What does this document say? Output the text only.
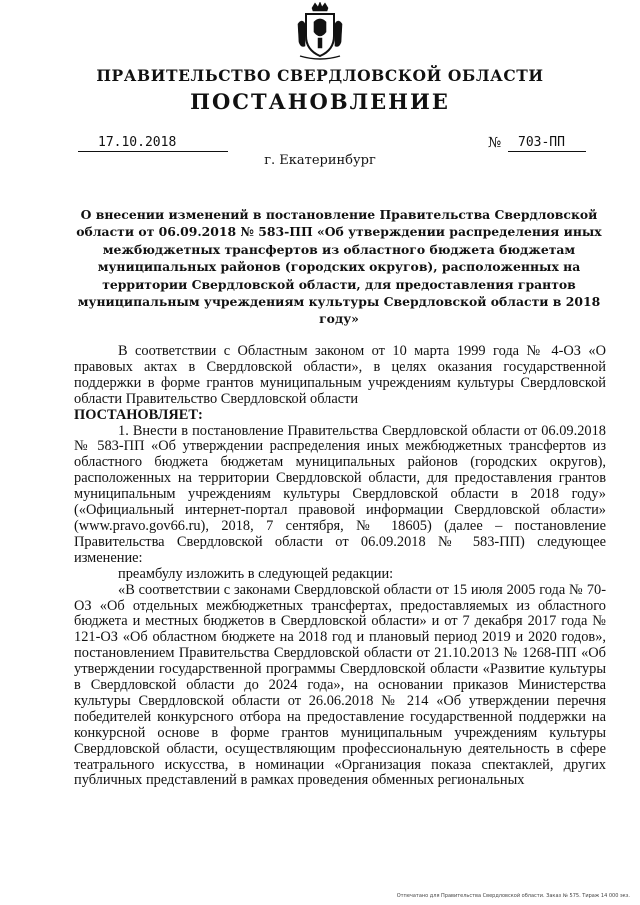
ПРАВИТЕЛЬСТВО СВЕРДЛОВСКОЙ ОБЛАСТИ
ПОСТАНОВЛЕНИЕ
17.10.2018	№ 703-ПП
г. Екатеринбург
О внесении изменений в постановление Правительства Свердловской области от 06.09.2018 № 583-ПП «Об утверждении распределения иных межбюджетных трансфертов из областного бюджета бюджетам муниципальных районов (городских округов), расположенных на территории Свердловской области, для предоставления грантов муниципальным учреждениям культуры Свердловской области в 2018 году»

В соответствии с Областным законом от 10 марта 1999 года № 4-ОЗ «О правовых актах в Свердловской области», в целях оказания государственной поддержки в форме грантов муниципальным учреждениям культуры Свердловской области Правительство Свердловской области

ПОСТАНОВЛЯЕТ:

1. Внести в постановление Правительства Свердловской области от 06.09.2018 № 583-ПП «Об утверждении распределения иных межбюджетных трансфертов из областного бюджета бюджетам муниципальных районов (городских округов), расположенных на территории Свердловской области, для предоставления грантов муниципальным учреждениям культуры Свердловской области в 2018 году» («Официальный интернет-портал правовой информации Свердловской области» (www.pravo.gov66.ru), 2018, 7 сентября, № 18605) (далее – постановление Правительства Свердловской области от 06.09.2018 № 583-ПП) следующее изменение:

преамбулу изложить в следующей редакции:

«В соответствии с законами Свердловской области от 15 июля 2005 года № 70-ОЗ «Об отдельных межбюджетных трансфертах, предоставляемых из областного бюджета и местных бюджетов в Свердловской области» и от 7 декабря 2017 года № 121-ОЗ «Об областном бюджете на 2018 год и плановый период 2019 и 2020 годов», постановлением Правительства Свердловской области от 21.10.2013 № 1268-ПП «Об утверждении государственной программы Свердловской области «Развитие культуры в Свердловской области до 2024 года», на основании приказов Министерства культуры Свердловской области от 26.06.2018 № 214 «Об утверждении перечня победителей конкурсного отбора на предоставление государственной поддержки на конкурсной основе в форме грантов муниципальным учреждениям культуры Свердловской области, осуществляющим профессиональную деятельность в сфере театрального искусства, в номинации «Организация показа спектаклей, других публичных представлений в рамках проведения обменных региональных

Отпечатано для Правительства Свердловской области. Заказ № 575. Тираж 14 000 экз.
